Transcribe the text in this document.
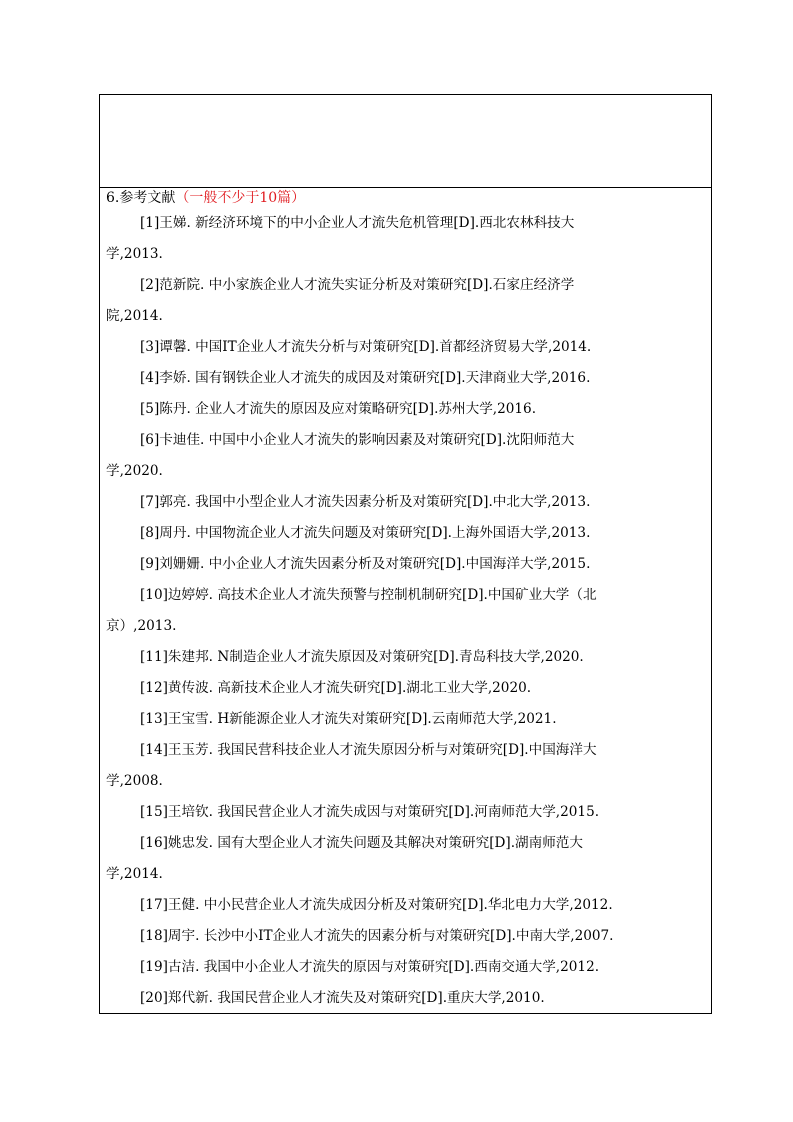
6.参考文献（一般不少于10篇）

[1]王娣. 新经济环境下的中小企业人才流失危机管理[D].西北农林科技大
学,2013.

[2]范新院. 中小家族企业人才流失实证分析及对策研究[D].石家庄经济学
院,2014.

[3]谭馨. 中国IT企业人才流失分析与对策研究[D].首都经济贸易大学,2014.

[4]李娇. 国有钢铁企业人才流失的成因及对策研究[D].天津商业大学,2016.

[5]陈丹. 企业人才流失的原因及应对策略研究[D].苏州大学,2016.

[6]卡迪佳. 中国中小企业人才流失的影响因素及对策研究[D].沈阳师范大
学,2020.

[7]郭亮. 我国中小型企业人才流失因素分析及对策研究[D].中北大学,2013.

[8]周丹. 中国物流企业人才流失问题及对策研究[D].上海外国语大学,2013.

[9]刘姗姗. 中小企业人才流失因素分析及对策研究[D].中国海洋大学,2015.

[10]边婷婷. 高技术企业人才流失预警与控制机制研究[D].中国矿业大学（北
京）,2013.

[11]朱建邦. N制造企业人才流失原因及对策研究[D].青岛科技大学,2020.

[12]黄传波. 高新技术企业人才流失研究[D].湖北工业大学,2020.

[13]王宝雪. H新能源企业人才流失对策研究[D].云南师范大学,2021.

[14]王玉芳. 我国民营科技企业人才流失原因分析与对策研究[D].中国海洋大
学,2008.

[15]王培钦. 我国民营企业人才流失成因与对策研究[D].河南师范大学,2015.

[16]姚忠发. 国有大型企业人才流失问题及其解决对策研究[D].湖南师范大
学,2014.

[17]王健. 中小民营企业人才流失成因分析及对策研究[D].华北电力大学,2012.

[18]周宇. 长沙中小IT企业人才流失的因素分析与对策研究[D].中南大学,2007.

[19]古洁. 我国中小企业人才流失的原因与对策研究[D].西南交通大学,2012.

[20]郑代新. 我国民营企业人才流失及对策研究[D].重庆大学,2010.
